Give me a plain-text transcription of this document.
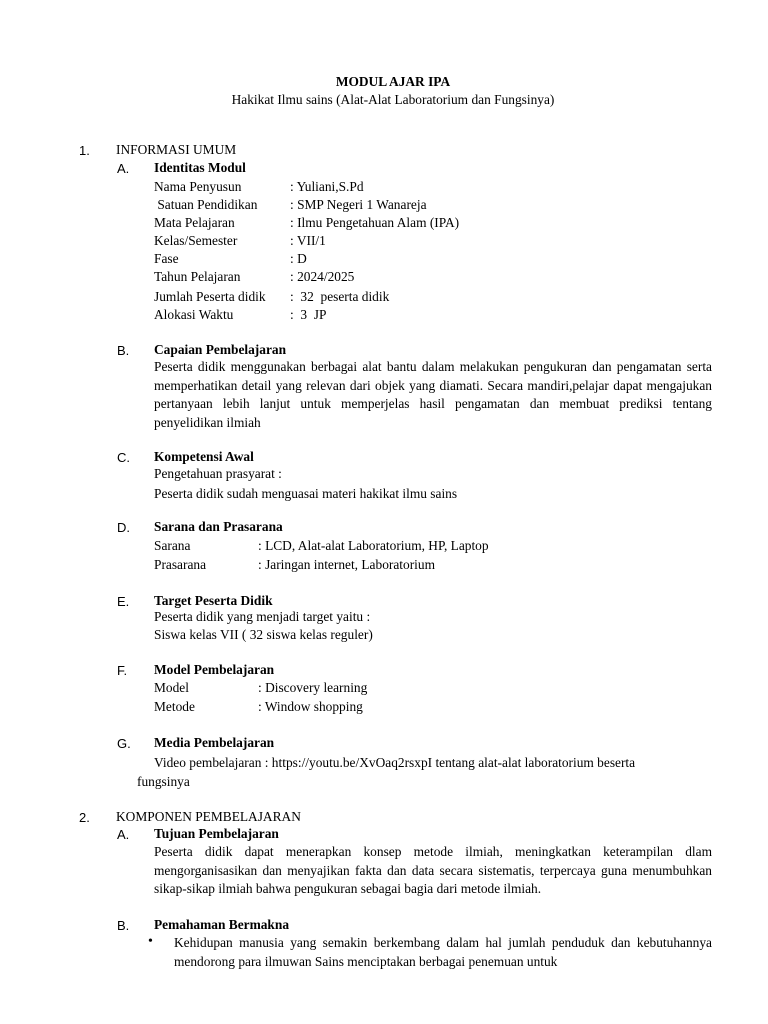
MODUL AJAR IPA
Hakikat Ilmu sains (Alat-Alat Laboratorium dan Fungsinya)
1. INFORMASI UMUM
A. Identitas Modul
Nama Penyusun	: Yuliani,S.Pd
Satuan Pendidikan : SMP Negeri 1 Wanareja
Mata Pelajaran	: Ilmu Pengetahuan Alam (IPA)
Kelas/Semester	: VII/1
Fase	: D
Tahun Pelajaran	: 2024/2025
Jumlah Peserta didik :  32  peserta didik
Alokasi Waktu	:  3  JP
B. Capaian Pembelajaran
Peserta didik menggunakan berbagai alat bantu dalam melakukan pengukuran dan pengamatan serta memperhatikan detail yang relevan dari objek yang diamati. Secara mandiri,pelajar dapat mengajukan pertanyaan lebih lanjut untuk memperjelas hasil pengamatan dan membuat prediksi tentang penyelidikan ilmiah
C. Kompetensi Awal
Pengetahuan prasyarat :
Peserta didik sudah menguasai materi hakikat ilmu sains
D. Sarana dan Prasarana
Sarana	: LCD, Alat-alat Laboratorium, HP, Laptop
Prasarana	: Jaringan internet, Laboratorium
E. Target Peserta Didik
Peserta didik yang menjadi target yaitu :
Siswa kelas VII ( 32 siswa kelas reguler)
F. Model Pembelajaran
Model	: Discovery learning
Metode	: Window shopping
G. Media Pembelajaran
Video pembelajaran : https://youtu.be/XvOaq2rsxpI tentang alat-alat laboratorium beserta
fungsinya
2. KOMPONEN PEMBELAJARAN
A. Tujuan Pembelajaran
Peserta didik dapat menerapkan konsep metode ilmiah, meningkatkan keterampilan dlam mengorganisasikan dan menyajikan fakta dan data secara sistematis, terpercaya guna menumbuhkan sikap-sikap ilmiah bahwa pengukuran sebagai bagia dari metode ilmiah.
B. Pemahaman Bermakna
• Kehidupan manusia yang semakin berkembang dalam hal jumlah penduduk dan kebutuhannya mendorong para ilmuwan Sains menciptakan berbagai penemuan untuk
